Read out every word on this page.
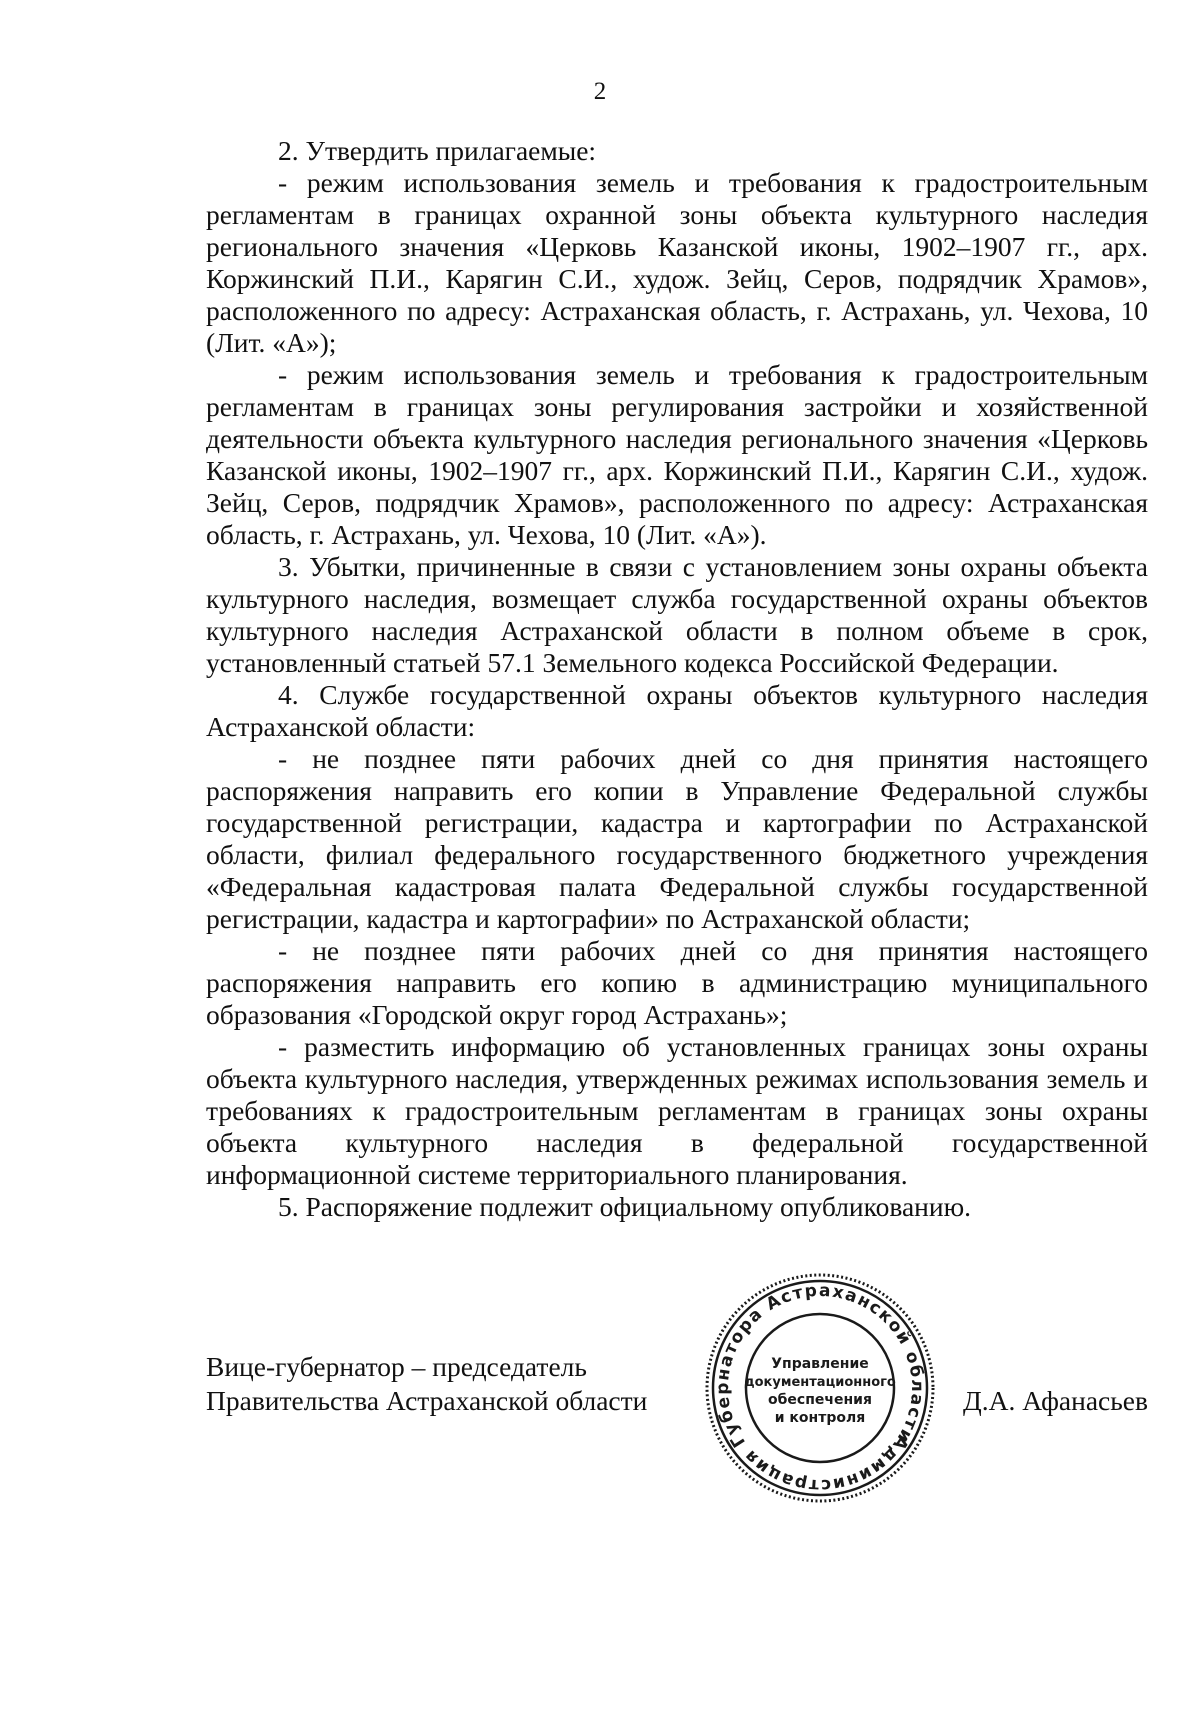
2

2. Утвердить прилагаемые:

- режим использования земель и требования к градостроительным регламентам в границах охранной зоны объекта культурного наследия регионального значения «Церковь Казанской иконы, 1902–1907 гг., арх. Коржинский П.И., Карягин С.И., худож. Зейц, Серов, подрядчик Храмов», расположенного по адресу: Астраханская область, г. Астрахань, ул. Чехова, 10 (Лит. «А»);

- режим использования земель и требования к градостроительным регламентам в границах зоны регулирования застройки и хозяйственной деятельности объекта культурного наследия регионального значения «Церковь Казанской иконы, 1902–1907 гг., арх. Коржинский П.И., Карягин С.И., худож. Зейц, Серов, подрядчик Храмов», расположенного по адресу: Астраханская область, г. Астрахань, ул. Чехова, 10 (Лит. «А»).

3. Убытки, причиненные в связи с установлением зоны охраны объекта культурного наследия, возмещает служба государственной охраны объектов культурного наследия Астраханской области в полном объеме в срок, установленный статьей 57.1 Земельного кодекса Российской Федерации.

4. Службе государственной охраны объектов культурного наследия Астраханской области:

- не позднее пяти рабочих дней со дня принятия настоящего распоряжения направить его копии в Управление Федеральной службы государственной регистрации, кадастра и картографии по Астраханской области, филиал федерального государственного бюджетного учреждения «Федеральная кадастровая палата Федеральной службы государственной регистрации, кадастра и картографии» по Астраханской области;

- не позднее пяти рабочих дней со дня принятия настоящего распоряжения направить его копию в администрацию муниципального образования «Городской округ город Астрахань»;

- разместить информацию об установленных границах зоны охраны объекта культурного наследия, утвержденных режимах использования земель и требованиях к градостроительным регламентам в границах зоны охраны объекта культурного наследия в федеральной государственной информационной системе территориального планирования.

5. Распоряжение подлежит официальному опубликованию.

Вице-губернатор – председатель
Правительства Астраханской области	Д.А. Афанасьев
Администрация Губернатора Астраханской области
Управление
документационного
обеспечения
и контроля
